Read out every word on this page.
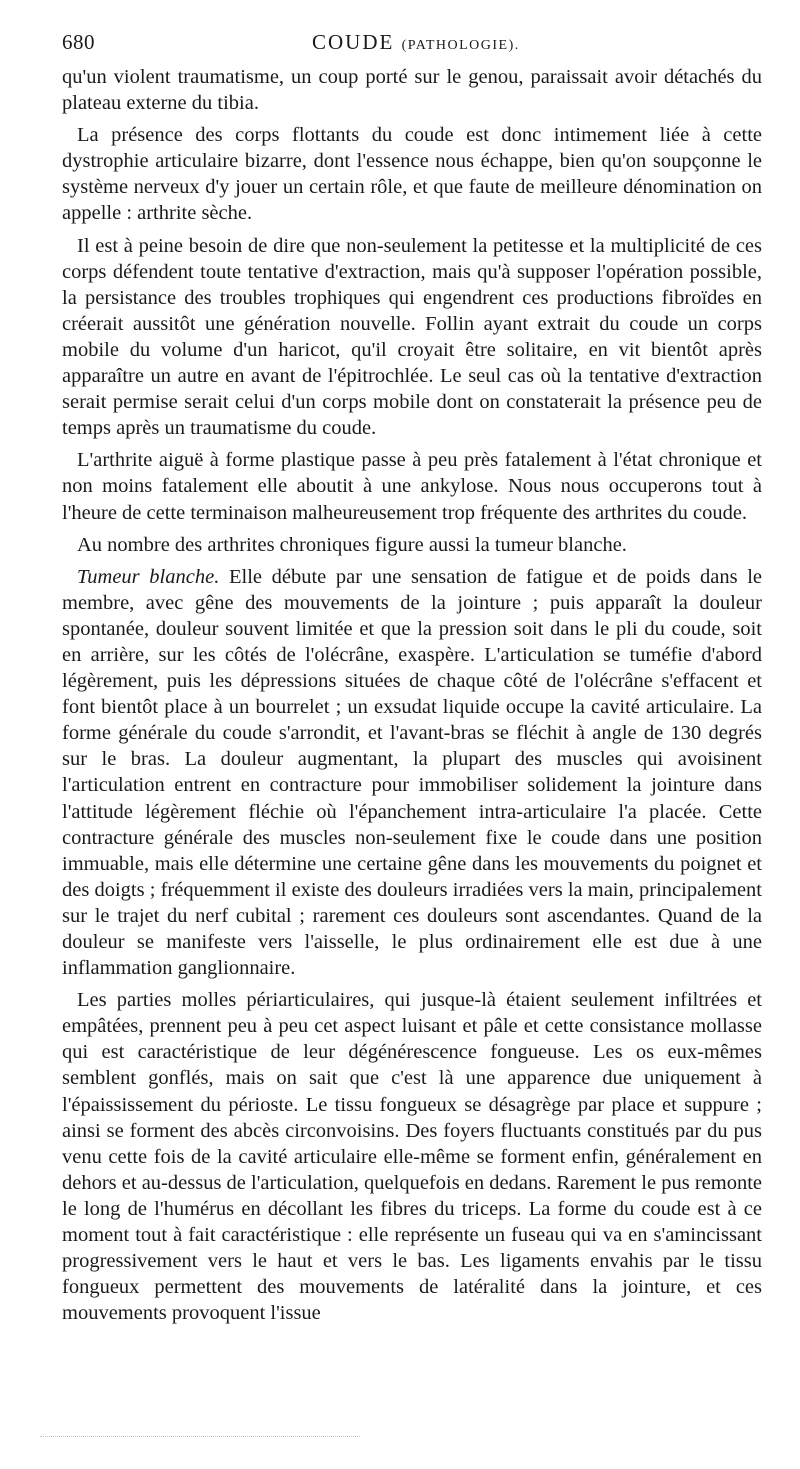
680	COUDE (PATHOLOGIE).

qu'un violent traumatisme, un coup porté sur le genou, paraissait avoir détachés du plateau externe du tibia.

La présence des corps flottants du coude est donc intimement liée à cette dystrophie articulaire bizarre, dont l'essence nous échappe, bien qu'on soupçonne le système nerveux d'y jouer un certain rôle, et que faute de meilleure dénomination on appelle : arthrite sèche.

Il est à peine besoin de dire que non-seulement la petitesse et la multiplicité de ces corps défendent toute tentative d'extraction, mais qu'à supposer l'opération possible, la persistance des troubles trophiques qui engendrent ces productions fibroïdes en créerait aussitôt une génération nouvelle. Follin ayant extrait du coude un corps mobile du volume d'un haricot, qu'il croyait être solitaire, en vit bientôt après apparaître un autre en avant de l'épitrochlée. Le seul cas où la tentative d'extraction serait permise serait celui d'un corps mobile dont on constaterait la présence peu de temps après un traumatisme du coude.

L'arthrite aiguë à forme plastique passe à peu près fatalement à l'état chronique et non moins fatalement elle aboutit à une ankylose. Nous nous occuperons tout à l'heure de cette terminaison malheureusement trop fréquente des arthrites du coude.

Au nombre des arthrites chroniques figure aussi la tumeur blanche.

Tumeur blanche. Elle débute par une sensation de fatigue et de poids dans le membre, avec gêne des mouvements de la jointure ; puis apparaît la douleur spontanée, douleur souvent limitée et que la pression soit dans le pli du coude, soit en arrière, sur les côtés de l'olécrâne, exaspère. L'articulation se tuméfie d'abord légèrement, puis les dépressions situées de chaque côté de l'olécrâne s'effacent et font bientôt place à un bourrelet ; un exsudat liquide occupe la cavité articulaire. La forme générale du coude s'arrondit, et l'avant-bras se fléchit à angle de 130 degrés sur le bras. La douleur augmentant, la plupart des muscles qui avoisinent l'articulation entrent en contracture pour immobiliser solidement la jointure dans l'attitude légèrement fléchie où l'épanchement intra-articulaire l'a placée. Cette contracture générale des muscles non-seulement fixe le coude dans une position immuable, mais elle détermine une certaine gêne dans les mouvements du poignet et des doigts ; fréquemment il existe des douleurs irradiées vers la main, principalement sur le trajet du nerf cubital ; rarement ces douleurs sont ascendantes. Quand de la douleur se manifeste vers l'aisselle, le plus ordinairement elle est due à une inflammation ganglionnaire.

Les parties molles périarticulaires, qui jusque-là étaient seulement infiltrées et empâtées, prennent peu à peu cet aspect luisant et pâle et cette consistance mollasse qui est caractéristique de leur dégénérescence fongueuse. Les os eux-mêmes semblent gonflés, mais on sait que c'est là une apparence due uniquement à l'épaississement du périoste. Le tissu fongueux se désagrège par place et suppure ; ainsi se forment des abcès circonvoisins. Des foyers fluctuants constitués par du pus venu cette fois de la cavité articulaire elle-même se forment enfin, généralement en dehors et au-dessus de l'articulation, quelquefois en dedans. Rarement le pus remonte le long de l'humérus en décollant les fibres du triceps. La forme du coude est à ce moment tout à fait caractéristique : elle représente un fuseau qui va en s'amincissant progressivement vers le haut et vers le bas. Les ligaments envahis par le tissu fongueux permettent des mouvements de latéralité dans la jointure, et ces mouvements provoquent l'issue
